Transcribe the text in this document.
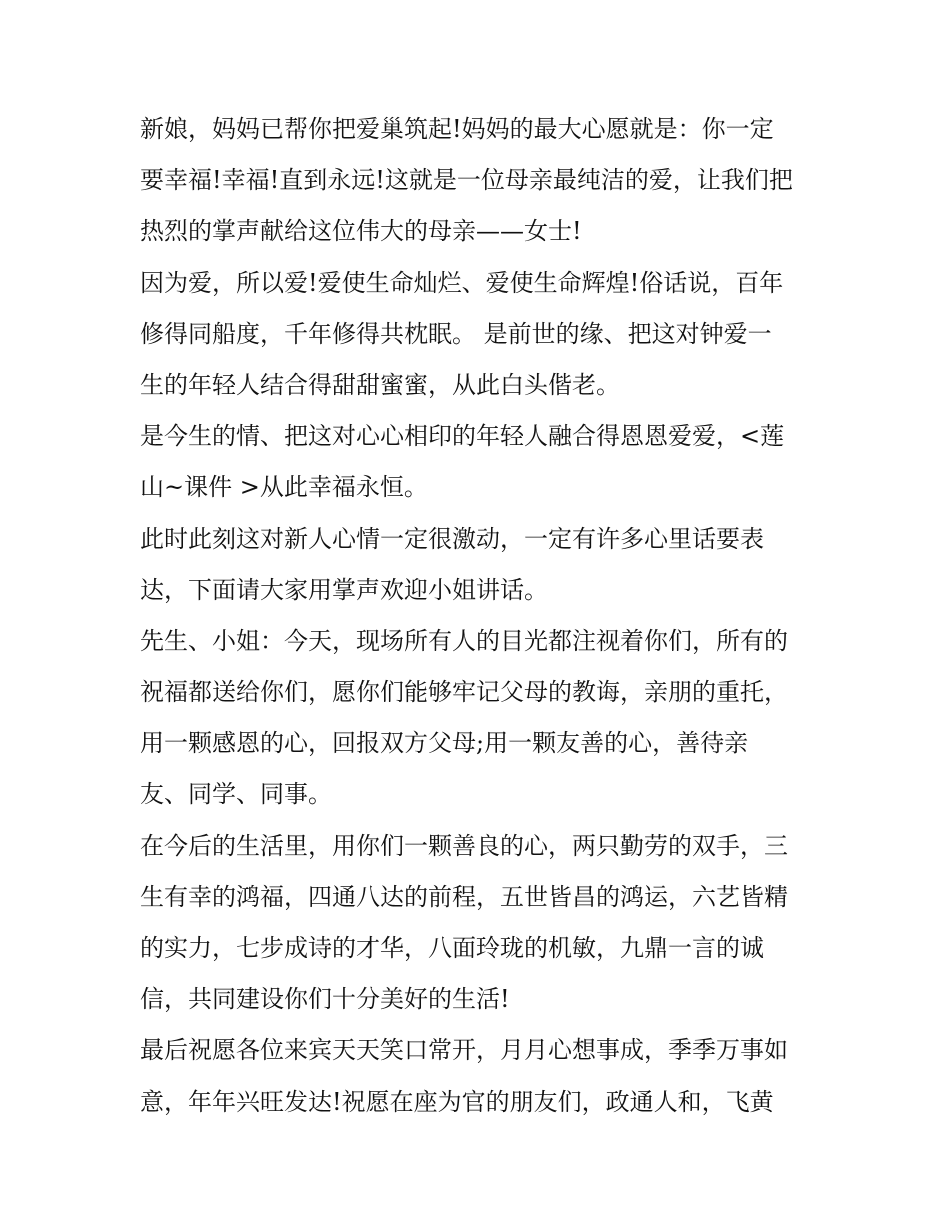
新娘，妈妈已帮你把爱巢筑起!妈妈的最大心愿就是：你一定
要幸福!幸福!直到永远!这就是一位母亲最纯洁的爱，让我们把
热烈的掌声献给这位伟大的母亲——女士!

因为爱，所以爱!爱使生命灿烂、爱使生命辉煌!俗话说，百年
修得同船度，千年修得共枕眠。 是前世的缘、把这对钟爱一
生的年轻人结合得甜甜蜜蜜，从此白头偕老。

是今生的情、把这对心心相印的年轻人融合得恩恩爱爱，<莲
山~课件 >从此幸福永恒。

此时此刻这对新人心情一定很激动，一定有许多心里话要表
达，下面请大家用掌声欢迎小姐讲话。

先生、小姐：今天，现场所有人的目光都注视着你们，所有的
祝福都送给你们，愿你们能够牢记父母的教诲，亲朋的重托，
用一颗感恩的心，回报双方父母;用一颗友善的心，善待亲
友、同学、同事。

在今后的生活里，用你们一颗善良的心，两只勤劳的双手，三
生有幸的鸿福，四通八达的前程，五世皆昌的鸿运，六艺皆精
的实力，七步成诗的才华，八面玲珑的机敏，九鼎一言的诚
信，共同建设你们十分美好的生活!

最后祝愿各位来宾天天笑口常开，月月心想事成，季季万事如
意，年年兴旺发达!祝愿在座为官的朋友们，政通人和，飞黄
